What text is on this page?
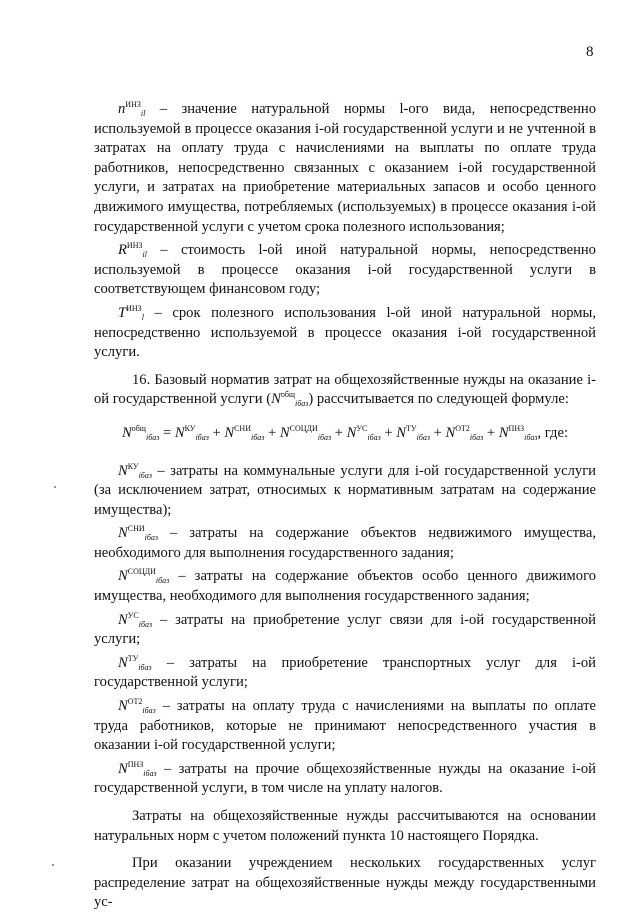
8

$n^{ИНЗ}_{il}$ – значение натуральной нормы l-ого вида, непосредственно используемой в процессе оказания i-ой государственной услуги и не учтенной в затратах на оплату труда с начислениями на выплаты по оплате труда работников, непосредственно связанных с оказанием i-ой государственной услуги, и затратах на приобретение материальных запасов и особо ценного движимого имущества, потребляемых (используемых) в процессе оказания i-ой государственной услуги с учетом срока полезного использования;

$R^{ИНЗ}_{il}$ – стоимость l-ой иной натуральной нормы, непосредственно используемой в процессе оказания i-ой государственной услуги в соответствующем финансовом году;

$T^{ИНЗ}_l$ – срок полезного использования l-ой иной натуральной нормы, непосредственно используемой в процессе оказания i-ой государственной услуги.

16. Базовый норматив затрат на общехозяйственные нужды на оказание i-ой государственной услуги $(N^{общ}_{iбаз})$ рассчитывается по следующей формуле:

$N^{общ}_{iбаз} = N^{КУ}_{iбаз} + N^{СНИ}_{iбаз} + N^{СОЦДИ}_{iбаз} + N^{УС}_{iбаз} + N^{ТУ}_{iбаз} + N^{ОТ2}_{iбаз} + N^{ПНЗ}_{iбаз}$, где:

$N^{КУ}_{iбаз}$ – затраты на коммунальные услуги для i-ой государственной услуги (за исключением затрат, относимых к нормативным затратам на содержание имущества);

$N^{СНИ}_{iбаз}$ – затраты на содержание объектов недвижимого имущества, необходимого для выполнения государственного задания;

$N^{СОЦДИ}_{iбаз}$ – затраты на содержание объектов особо ценного движимого имущества, необходимого для выполнения государственного задания;

$N^{УС}_{iбаз}$ – затраты на приобретение услуг связи для i-ой государственной услуги;

$N^{ТУ}_{iбаз}$ – затраты на приобретение транспортных услуг для i-ой государственной услуги;

$N^{ОТ2}_{iбаз}$ – затраты на оплату труда с начислениями на выплаты по оплате труда работников, которые не принимают непосредственного участия в оказании i-ой государственной услуги;

$N^{ПНЗ}_{iбаз}$ – затраты на прочие общехозяйственные нужды на оказание i-ой государственной услуги, в том числе на уплату налогов.

Затраты на общехозяйственные нужды рассчитываются на основании натуральных норм с учетом положений пункта 10 настоящего Порядка.

При оказании учреждением нескольких государственных услуг распределение затрат на общехозяйственные нужды между государственными ус-
